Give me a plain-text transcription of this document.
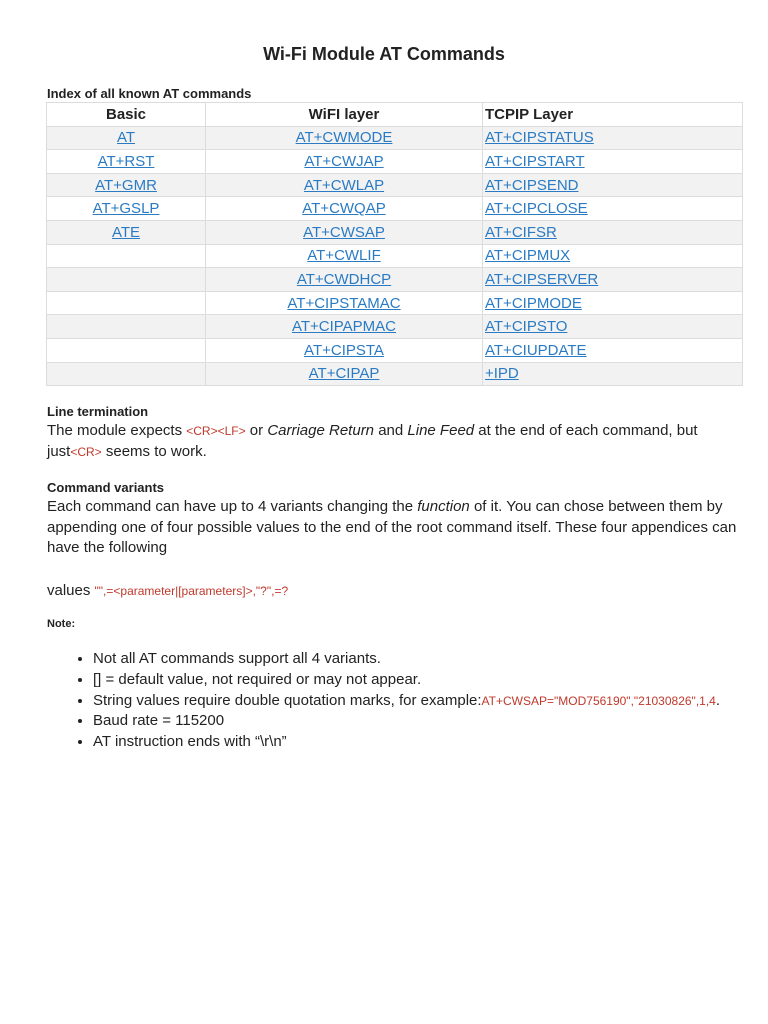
Wi-Fi Module AT Commands
Index of all known AT commands
Basic	WiFI layer	TCPIP Layer
AT	AT+CWMODE	AT+CIPSTATUS
AT+RST	AT+CWJAP	AT+CIPSTART
AT+GMR	AT+CWLAP	AT+CIPSEND
AT+GSLP	AT+CWQAP	AT+CIPCLOSE
ATE	AT+CWSAP	AT+CIFSR
	AT+CWLIF	AT+CIPMUX
	AT+CWDHCP	AT+CIPSERVER
	AT+CIPSTAMAC	AT+CIPMODE
	AT+CIPAPMAC	AT+CIPSTO
	AT+CIPSTA	AT+CIUPDATE
	AT+CIPAP	+IPD
Line termination
The module expects <CR><LF> or Carriage Return and Line Feed at the end of each command, but just<CR> seems to work.
Command variants
Each command can have up to 4 variants changing the function of it. You can chose between them by appending one of four possible values to the end of the root command itself. These four appendices can have the following
values "",=<parameter|[parameters]>,"?",=?
Note:
• Not all AT commands support all 4 variants.
• [] = default value, not required or may not appear.
• String values require double quotation marks, for example:AT+CWSAP="MOD756190","21030826",1,4.
• Baud rate = 115200
• AT instruction ends with “\r\n”
